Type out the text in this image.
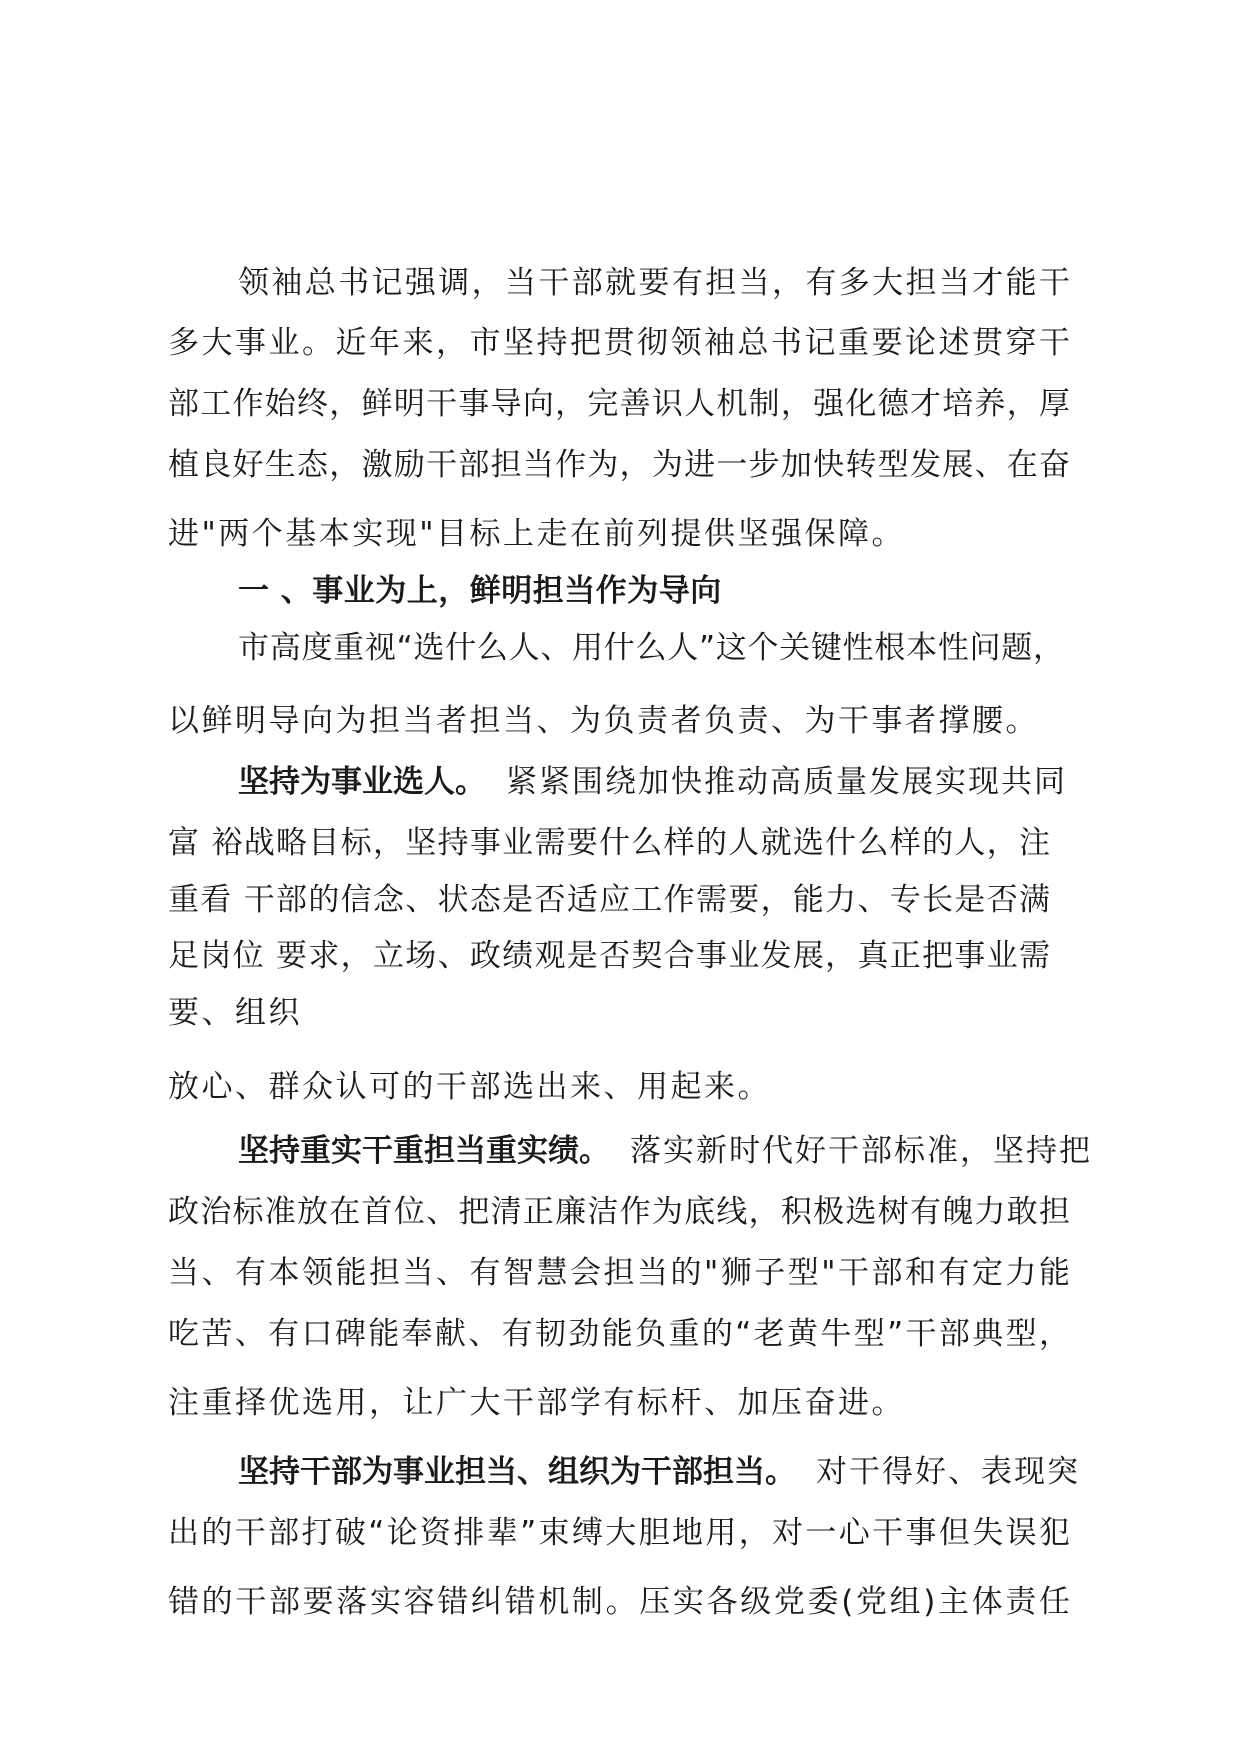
领袖总书记强调，当干部就要有担当，有多大担当才能干
多大事业。近年来，市坚持把贯彻领袖总书记重要论述贯穿干
部工作始终，鲜明干事导向，完善识人机制，强化德才培养，厚
植良好生态，激励干部担当作为，为进一步加快转型发展、在奋
进"两个基本实现"目标上走在前列提供坚强保障。
一 、事业为上，鲜明担当作为导向
市高度重视“选什么人、用什么人”这个关键性根本性问题，
以鲜明导向为担当者担当、为负责者负责、为干事者撑腰。
坚持为事业选人。 紧紧围绕加快推动高质量发展实现共同
富 裕战略目标，坚持事业需要什么样的人就选什么样的人，注
重看 干部的信念、状态是否适应工作需要，能力、专长是否满
足岗位 要求，立场、政绩观是否契合事业发展，真正把事业需
要、组织
放心、群众认可的干部选出来、用起来。
坚持重实干重担当重实绩。 落实新时代好干部标准，坚持把
政治标准放在首位、把清正廉洁作为底线，积极选树有魄力敢担
当、有本领能担当、有智慧会担当的"狮子型"干部和有定力能
吃苦、有口碑能奉献、有韧劲能负重的“老黄牛型”干部典型，
注重择优选用，让广大干部学有标杆、加压奋进。
坚持干部为事业担当、组织为干部担当。 对干得好、表现突
出的干部打破“论资排辈”束缚大胆地用，对一心干事但失误犯
错的干部要落实容错纠错机制。压实各级党委(党组)主体责任
